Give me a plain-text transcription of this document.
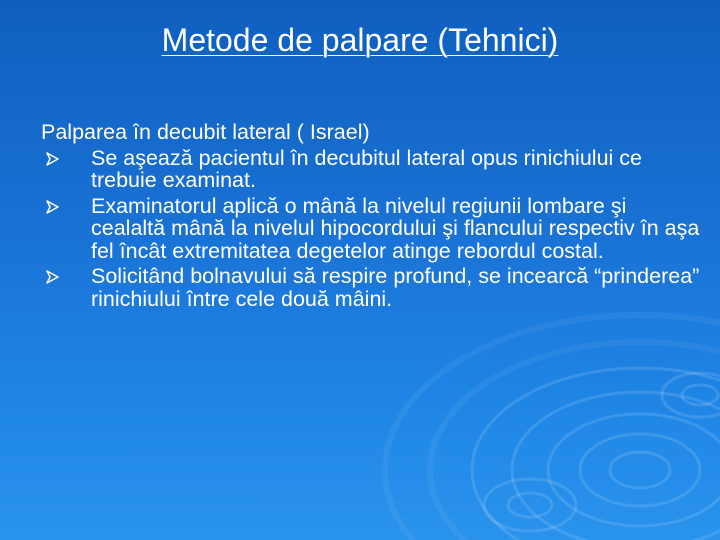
Metode de palpare (Tehnici)

Palparea în decubit lateral ( Israel)

Se aşează pacientul în decubitul lateral opus rinichiului ce trebuie examinat.
Examinatorul aplică o mână la nivelul regiunii lombare şi cealaltă mână la nivelul hipocordului şi flancului respectiv în aşa fel încât extremitatea degetelor atinge rebordul costal.
Solicitând bolnavului să respire profund, se incearcă “prinderea” rinichiului între cele două mâini.
